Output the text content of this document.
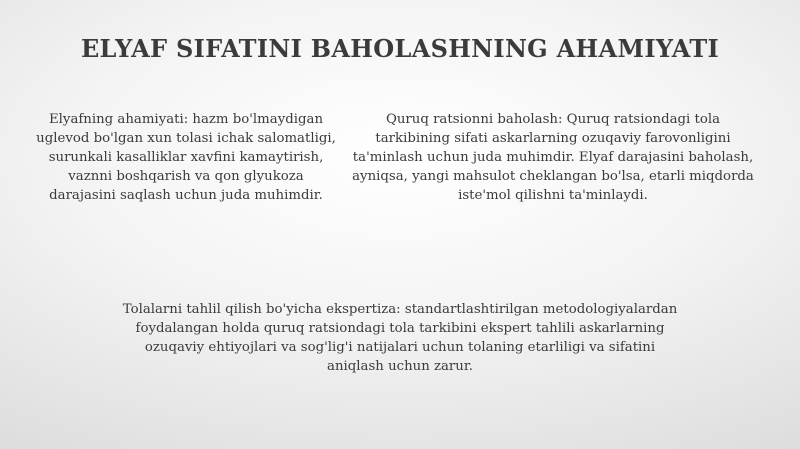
ELYAF SIFATINI BAHOLASHNING AHAMIYATI

Elyafning ahamiyati: hazm bo'lmaydigan uglevod bo'lgan xun tolasi ichak salomatligi, surunkali kasalliklar xavfini kamaytirish, vaznni boshqarish va qon glyukoza darajasini saqlash uchun juda muhimdir.

Quruq ratsionni baholash: Quruq ratsiondagi tola tarkibining sifati askarlarning ozuqaviy farovonligini ta'minlash uchun juda muhimdir. Elyaf darajasini baholash, ayniqsa, yangi mahsulot cheklangan bo'lsa, etarli miqdorda iste'mol qilishni ta'minlaydi.

Tolalarni tahlil qilish bo'yicha ekspertiza: standartlashtirilgan metodologiyalardan foydalangan holda quruq ratsiondagi tola tarkibini ekspert tahlili askarlarning ozuqaviy ehtiyojlari va sog'lig'i natijalari uchun tolaning etarliligi va sifatini aniqlash uchun zarur.
